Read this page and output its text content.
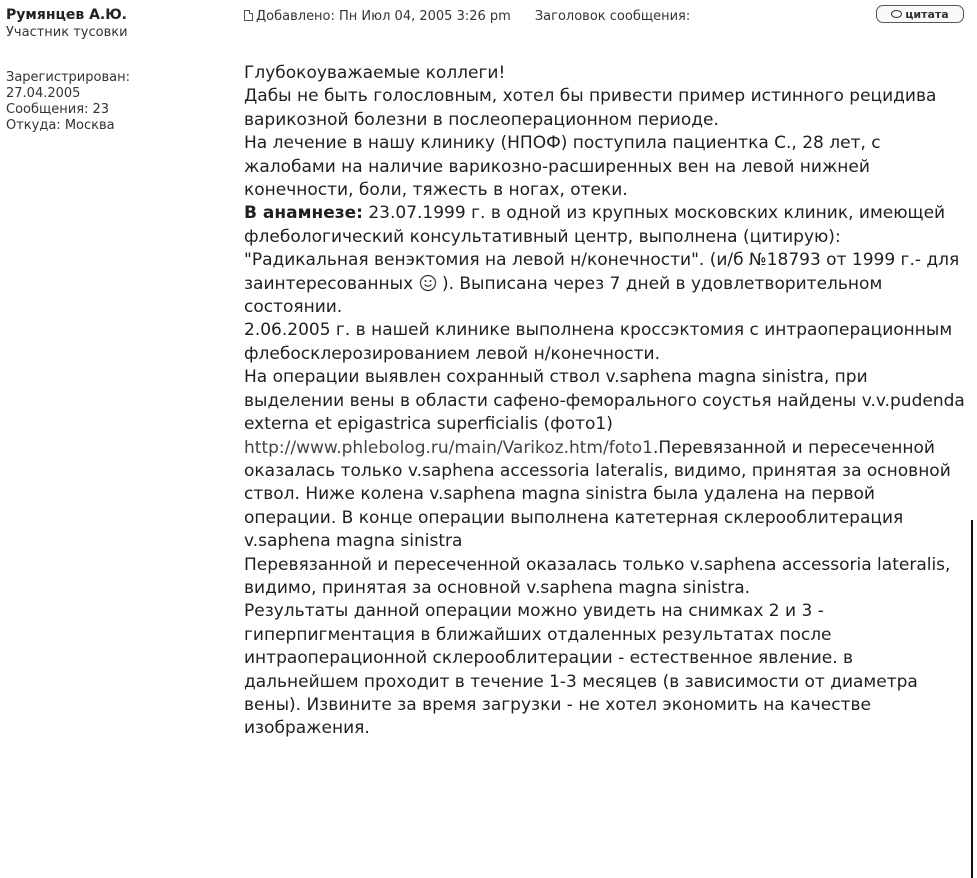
Румянцев А.Ю.
Участник тусовки
Зарегистрирован:
27.04.2005
Сообщения: 23
Откуда: Москва
Добавлено: Пн Июл 04, 2005 3:26 pm Заголовок сообщения:	цитата

Глубокоуважаемые коллеги!

Дабы не быть голословным, хотел бы привести пример истинного рецидива варикозной болезни в послеоперационном периоде.

На лечение в нашу клинику (НПОФ) поступила пациентка С., 28 лет, с жалобами на наличие варикозно-расширенных вен на левой нижней конечности, боли, тяжесть в ногах, отеки.

В анамнезе: 23.07.1999 г. в одной из крупных московских клиник, имеющей флебологический консультативный центр, выполнена (цитирую): "Радикальная венэктомия на левой н/конечности". (и/б №18793 от 1999 г.- для заинтересованных  ). Выписана через 7 дней в удовлетворительном состоянии.

2.06.2005 г. в нашей клинике выполнена кроссэктомия с интраоперационным флебосклерозированием левой н/конечности.

На операции выявлен сохранный ствол v.saphena magna sinistra, при выделении вены в области сафено-феморального соустья найдены v.v.pudenda externa et epigastrica superficialis (фото1)

http://www.phlebolog.ru/main/Varikoz.htm/foto1.Перевязанной и пересеченной оказалась только v.saphena accessoria lateralis, видимо, принятая за основной ствол. Ниже колена v.saphena magna sinistra была удалена на первой операции. В конце операции выполнена катетерная склерооблитерация v.saphena magna sinistra

Перевязанной и пересеченной оказалась только v.saphena accessoria lateralis, видимо, принятая за основной v.saphena magna sinistra.

Результаты данной операции можно увидеть на снимках 2 и 3 - гиперпигментация в ближайших отдаленных результатах после интраоперационной склерооблитерации - естественное явление. в дальнейшем проходит в течение 1-3 месяцев (в зависимости от диаметра вены). Извините за время загрузки - не хотел экономить на качестве изображения.
